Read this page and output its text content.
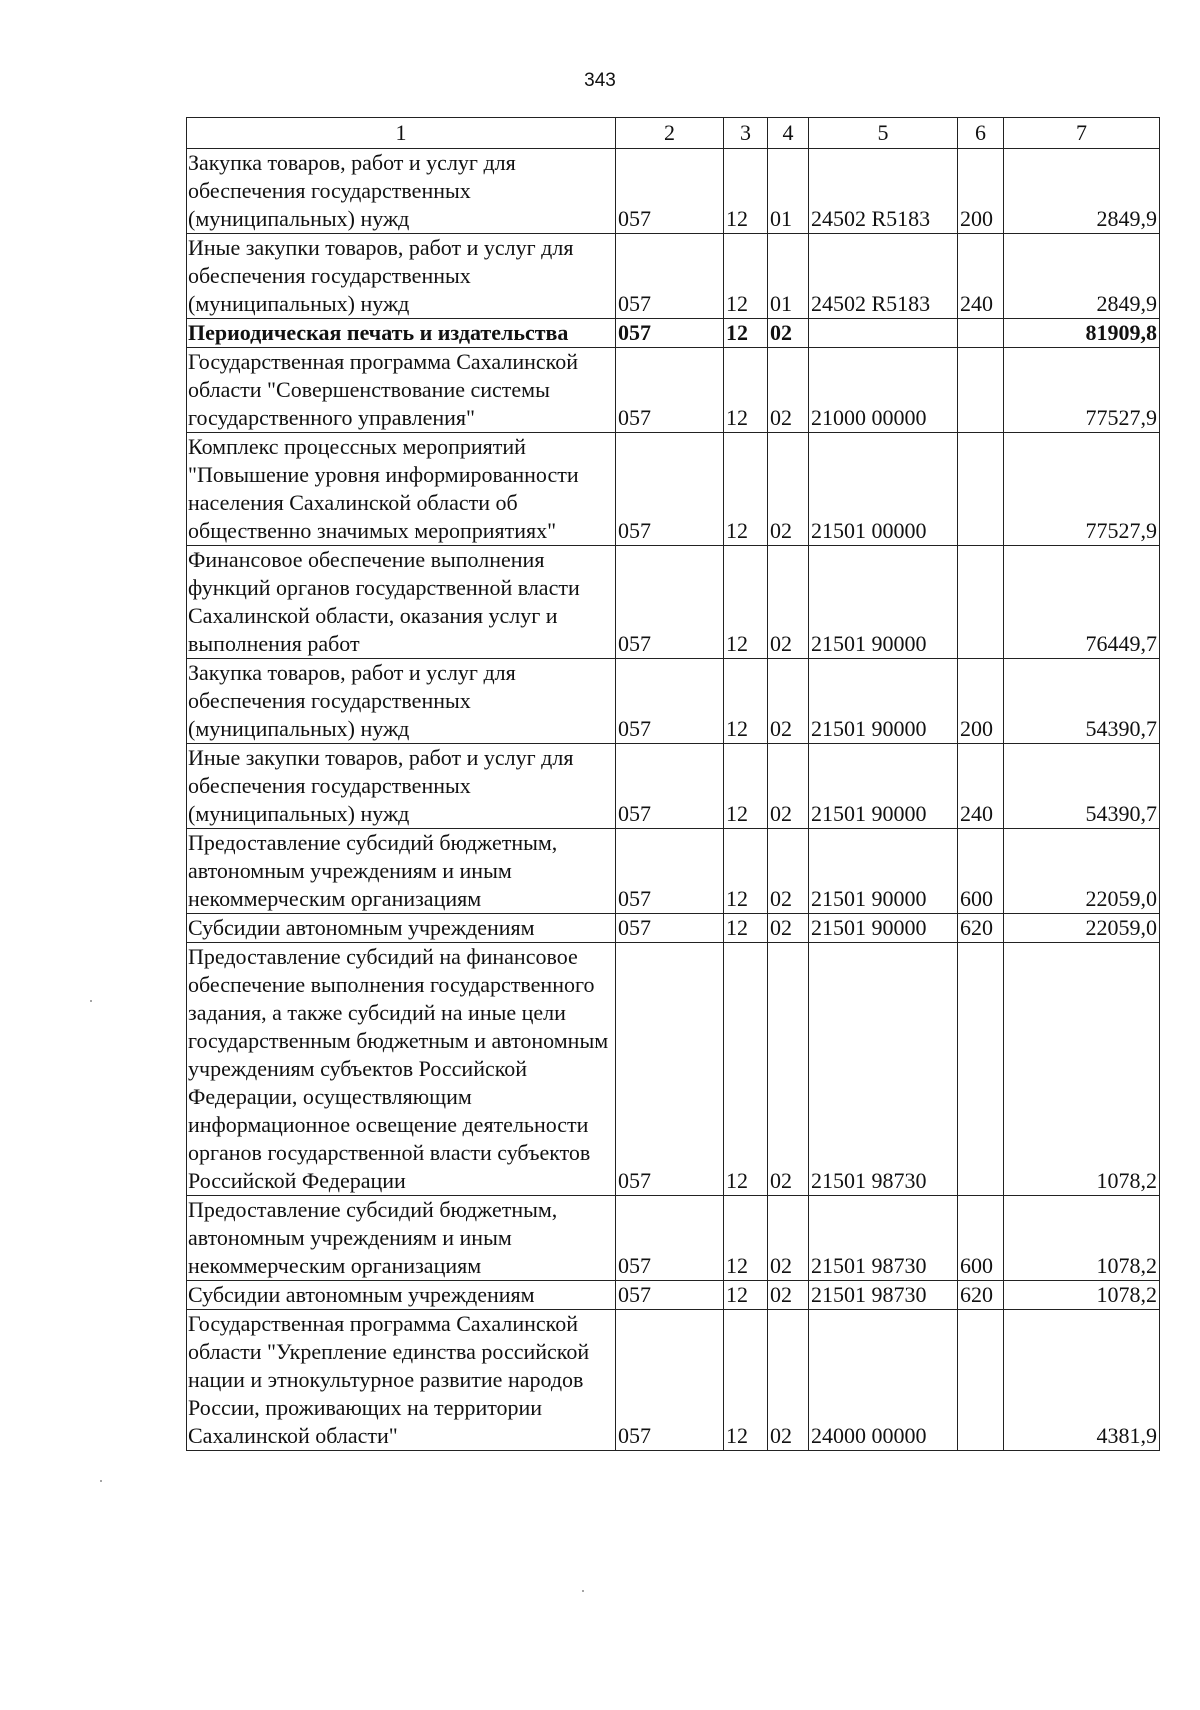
343
1	2	3	4	5	6	7
Закупка товаров, работ и услуг для обеспечения государственных (муниципальных) нужд	057	12	01	24502 R5183	200	2849,9
Иные закупки товаров, работ и услуг для обеспечения государственных (муниципальных) нужд	057	12	01	24502 R5183	240	2849,9
Периодическая печать и издательства	057	12	02			81909,8
Государственная программа Сахалинской области "Совершенствование системы государственного управления"	057	12	02	21000 00000		77527,9
Комплекс процессных мероприятий "Повышение уровня информированности населения Сахалинской области об общественно значимых мероприятиях"	057	12	02	21501 00000		77527,9
Финансовое обеспечение выполнения функций органов государственной власти Сахалинской области, оказания услуг и выполнения работ	057	12	02	21501 90000		76449,7
Закупка товаров, работ и услуг для обеспечения государственных (муниципальных) нужд	057	12	02	21501 90000	200	54390,7
Иные закупки товаров, работ и услуг для обеспечения государственных (муниципальных) нужд	057	12	02	21501 90000	240	54390,7
Предоставление субсидий бюджетным, автономным учреждениям и иным некоммерческим организациям	057	12	02	21501 90000	600	22059,0
Субсидии автономным учреждениям	057	12	02	21501 90000	620	22059,0
Предоставление субсидий на финансовое обеспечение выполнения государственного задания, а также субсидий на иные цели государственным бюджетным и автономным учреждениям субъектов Российской Федерации, осуществляющим информационное освещение деятельности органов государственной власти субъектов Российской Федерации	057	12	02	21501 98730		1078,2
Предоставление субсидий бюджетным, автономным учреждениям и иным некоммерческим организациям	057	12	02	21501 98730	600	1078,2
Субсидии автономным учреждениям	057	12	02	21501 98730	620	1078,2
Государственная программа Сахалинской области "Укрепление единства российской нации и этнокультурное развитие народов России, проживающих на территории Сахалинской области"	057	12	02	24000 00000		4381,9
